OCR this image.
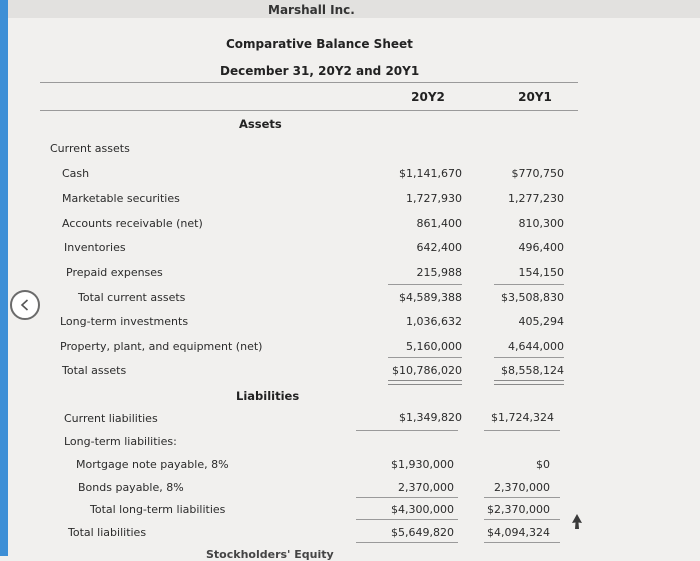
Marshall Inc.
Comparative Balance Sheet
December 31, 20Y2 and 20Y1
20Y2	20Y1
Assets
Current assets
Cash	$1,141,670	$770,750
Marketable securities	1,727,930	1,277,230
Accounts receivable (net)	861,400	810,300
Inventories	642,400	496,400
Prepaid expenses	215,988	154,150
Total current assets	$4,589,388	$3,508,830
Long-term investments	1,036,632	405,294
Property, plant, and equipment (net)	5,160,000	4,644,000
Total assets	$10,786,020	$8,558,124
Liabilities
Current liabilities	$1,349,820	$1,724,324
Long-term liabilities:
Mortgage note payable, 8%	$1,930,000	$0
Bonds payable, 8%	2,370,000	2,370,000
Total long-term liabilities	$4,300,000	$2,370,000
Total liabilities	$5,649,820	$4,094,324
Stockholders' Equity
